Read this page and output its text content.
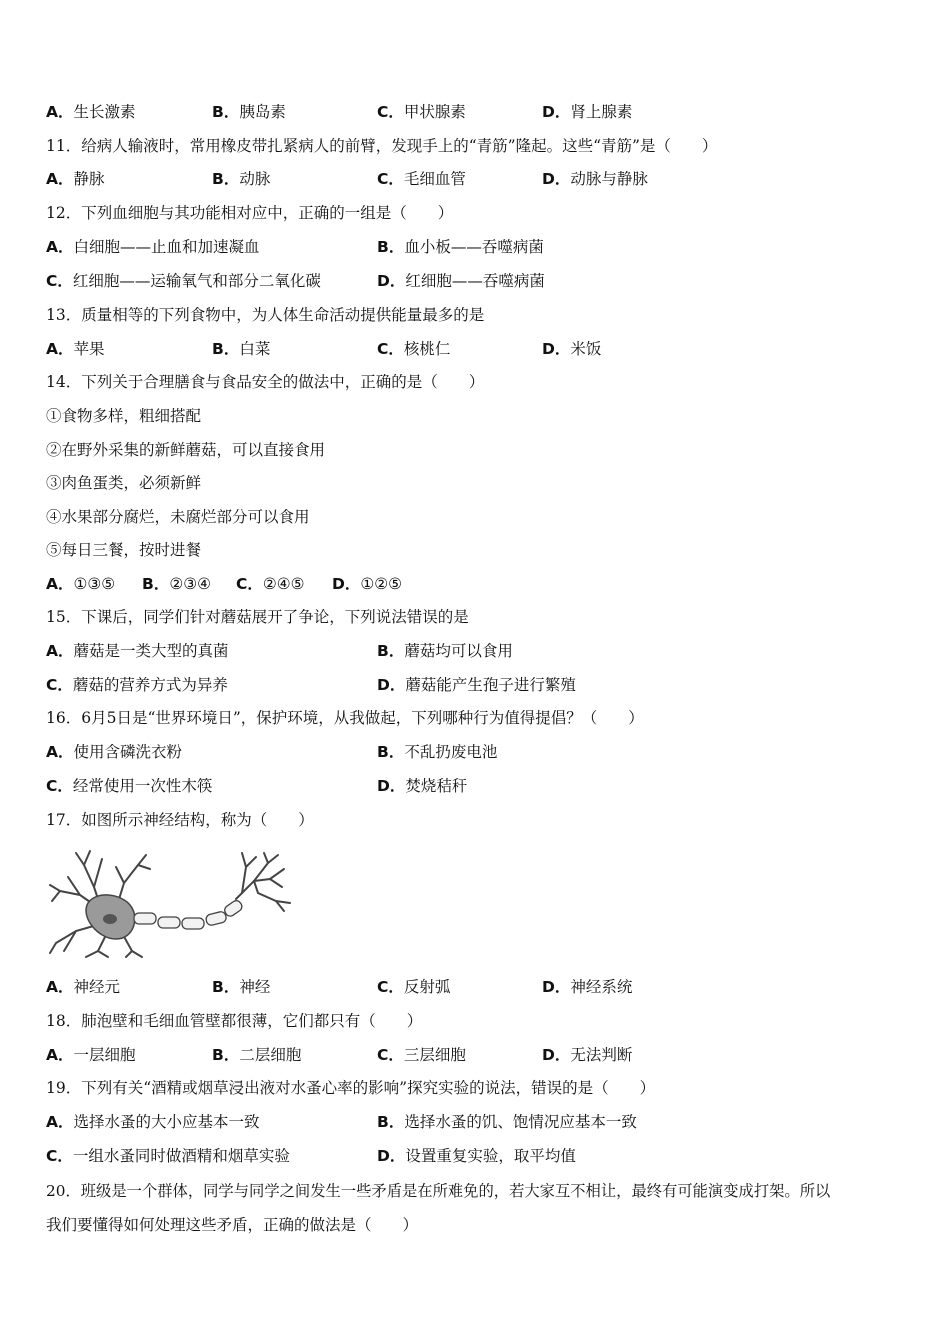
A．生长激素	B．胰岛素	C．甲状腺素	D．肾上腺素
11．给病人输液时，常用橡皮带扎紧病人的前臂，发现手上的“青筋”隆起。这些“青筋”是（　　）
A．静脉	B．动脉	C．毛细血管	D．动脉与静脉
12．下列血细胞与其功能相对应中，正确的一组是（　　）
A．白细胞——止血和加速凝血	B．血小板——吞噬病菌
C．红细胞——运输氧气和部分二氧化碳	D．红细胞——吞噬病菌
13．质量相等的下列食物中，为人体生命活动提供能量最多的是
A．苹果	B．白菜	C．核桃仁	D．米饭
14．下列关于合理膳食与食品安全的做法中，正确的是（　　）
①食物多样，粗细搭配
②在野外采集的新鲜蘑菇，可以直接食用
③肉鱼蛋类，必须新鲜
④水果部分腐烂，未腐烂部分可以食用
⑤每日三餐，按时进餐
A．①③⑤ B．②③④ C．②④⑤ D．①②⑤
15．下课后，同学们针对蘑菇展开了争论，下列说法错误的是
A．蘑菇是一类大型的真菌	B．蘑菇均可以食用
C．蘑菇的营养方式为异养	D．蘑菇能产生孢子进行繁殖
16．6月5日是“世界环境日”，保护环境，从我做起，下列哪种行为值得提倡？（　　）
A．使用含磷洗衣粉	B．不乱扔废电池
C．经常使用一次性木筷	D．焚烧秸秆
17．如图所示神经结构，称为（　　）
A．神经元	B．神经	C．反射弧	D．神经系统
18．肺泡壁和毛细血管壁都很薄，它们都只有（　　）
A．一层细胞	B．二层细胞	C．三层细胞	D．无法判断
19．下列有关“酒精或烟草浸出液对水蚤心率的影响”探究实验的说法，错误的是（　　）
A．选择水蚤的大小应基本一致	B．选择水蚤的饥、饱情况应基本一致
C．一组水蚤同时做酒精和烟草实验	D．设置重复实验，取平均值
20．班级是一个群体，同学与同学之间发生一些矛盾是在所难免的，若大家互不相让，最终有可能演变成打架。所以
我们要懂得如何处理这些矛盾，正确的做法是（　　）
